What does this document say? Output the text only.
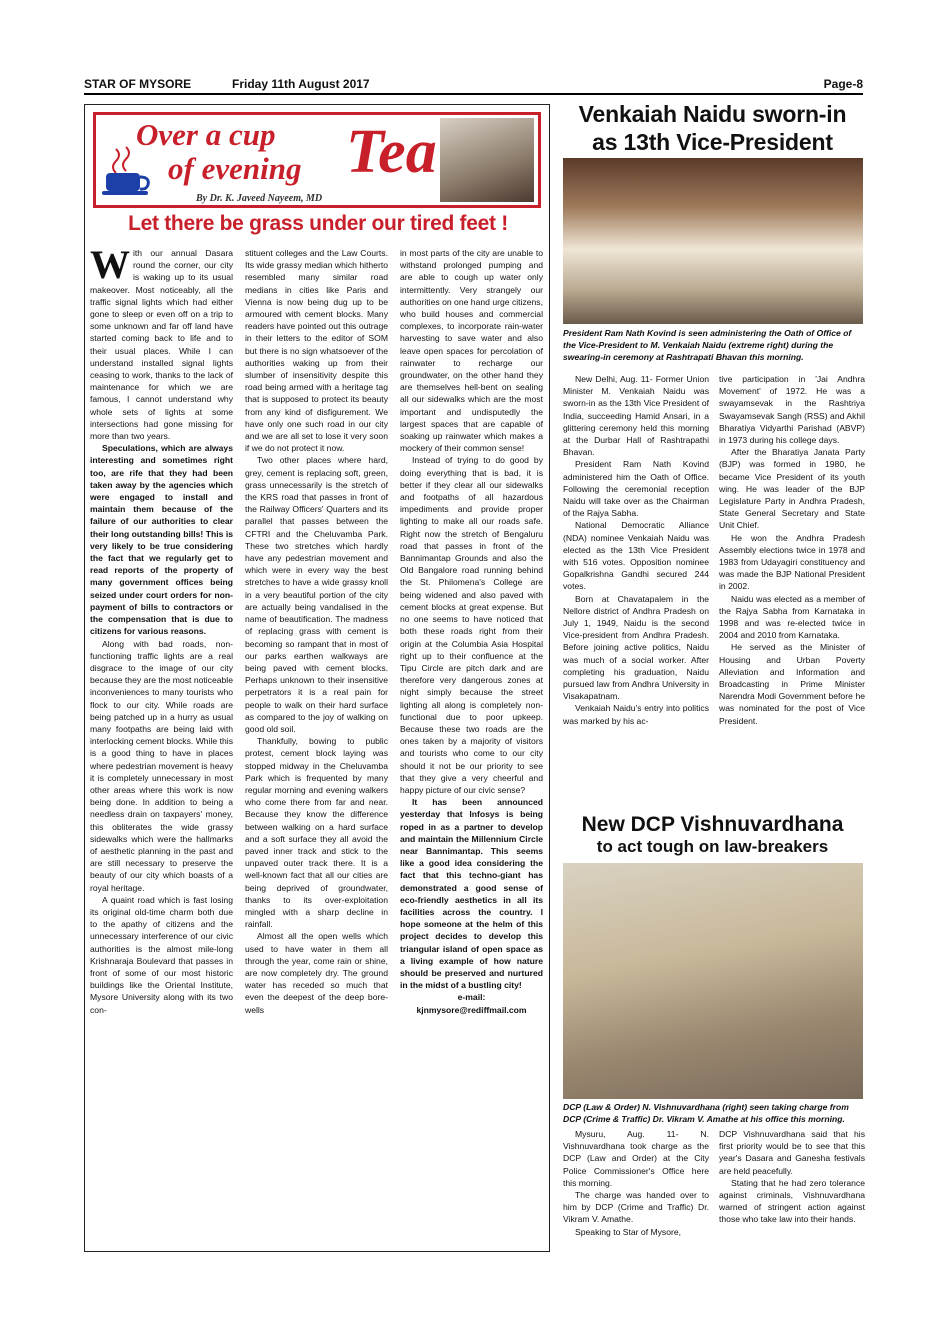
STAR OF MYSORE	Friday 11th August 2017	Page-8
Over a cup
of evening Tea
By Dr. K. Javeed Nayeem, MD
Let there be grass under our tired feet !

With our annual Dasara round the corner, our city is waking up to its usual makeover. Most noticeably, all the traffic signal lights which had either gone to sleep or even off on a trip to some unknown and far off land have started coming back to life and to their usual places. While I can understand installed signal lights ceasing to work, thanks to the lack of maintenance for which we are famous, I cannot understand why whole sets of lights at some intersections had gone missing for more than two years.

Speculations, which are always interesting and sometimes right too, are rife that they had been taken away by the agencies which were engaged to install and maintain them because of the failure of our authorities to clear their long outstanding bills! This is very likely to be true considering the fact that we regularly get to read reports of the property of many government offices being seized under court orders for non-payment of bills to contractors or the compensation that is due to citizens for various reasons.

Along with bad roads, non-functioning traffic lights are a real disgrace to the image of our city because they are the most noticeable inconveniences to many tourists who flock to our city. While roads are being patched up in a hurry as usual many footpaths are being laid with interlocking cement blocks. While this is a good thing to have in places where pedestrian movement is heavy it is completely unnecessary in most other areas where this work is now being done. In addition to being a needless drain on taxpayers' money, this obliterates the wide grassy sidewalks which were the hallmarks of aesthetic planning in the past and are still necessary to preserve the beauty of our city which boasts of a royal heritage.

A quaint road which is fast losing its original old-time charm both due to the apathy of citizens and the unnecessary interference of our civic authorities is the almost mile-long Krishnaraja Boulevard that passes in front of some of our most historic buildings like the Oriental Institute, Mysore University along with its two con-

stituent colleges and the Law Courts. Its wide grassy median which hitherto resembled many similar road medians in cities like Paris and Vienna is now being dug up to be armoured with cement blocks. Many readers have pointed out this outrage in their letters to the editor of SOM but there is no sign whatsoever of the authorities waking up from their slumber of insensitivity despite this road being armed with a heritage tag that is supposed to protect its beauty from any kind of disfigurement. We have only one such road in our city and we are all set to lose it very soon if we do not protect it now.

Two other places where hard, grey, cement is replacing soft, green, grass unnecessarily is the stretch of the KRS road that passes in front of the Railway Officers' Quarters and its parallel that passes between the CFTRI and the Cheluvamba Park. These two stretches which hardly have any pedestrian movement and which were in every way the best stretches to have a wide grassy knoll in a very beautiful portion of the city are actually being vandalised in the name of beautification. The madness of replacing grass with cement is becoming so rampant that in most of our parks earthen walkways are being paved with cement blocks. Perhaps unknown to their insensitive perpetrators it is a real pain for people to walk on their hard surface as compared to the joy of walking on good old soil.

Thankfully, bowing to public protest, cement block laying was stopped midway in the Cheluvamba Park which is frequented by many regular morning and evening walkers who come there from far and near. Because they know the difference between walking on a hard surface and a soft surface they all avoid the paved inner track and stick to the unpaved outer track there. It is a well-known fact that all our cities are being deprived of groundwater, thanks to its over-exploitation mingled with a sharp decline in rainfall.

Almost all the open wells which used to have water in them all through the year, come rain or shine, are now completely dry. The ground water has receded so much that even the deepest of the deep bore-wells

in most parts of the city are unable to withstand prolonged pumping and are able to cough up water only intermittently. Very strangely our authorities on one hand urge citizens, who build houses and commercial complexes, to incorporate rain-water harvesting to save water and also leave open spaces for percolation of rainwater to recharge our groundwater, on the other hand they are themselves hell-bent on sealing all our sidewalks which are the most important and undisputedly the largest spaces that are capable of soaking up rainwater which makes a mockery of their common sense!

Instead of trying to do good by doing everything that is bad, it is better if they clear all our sidewalks and footpaths of all hazardous impediments and provide proper lighting to make all our roads safe. Right now the stretch of Bengaluru road that passes in front of the Bannimantap Grounds and also the Old Bangalore road running behind the St. Philomena's College are being widened and also paved with cement blocks at great expense. But no one seems to have noticed that both these roads right from their origin at the Columbia Asia Hospital right up to their confluence at the Tipu Circle are pitch dark and are therefore very dangerous zones at night simply because the street lighting all along is completely non-functional due to poor upkeep. Because these two roads are the ones taken by a majority of visitors and tourists who come to our city should it not be our priority to see that they give a very cheerful and happy picture of our civic sense?

It has been announced yesterday that Infosys is being roped in as a partner to develop and maintain the Millennium Circle near Bannimantap. This seems like a good idea considering the fact that this techno-giant has demonstrated a good sense of eco-friendly aesthetics in all its facilities across the country. I hope someone at the helm of this project decides to develop this triangular island of open space as a living example of how nature should be preserved and nurtured in the midst of a bustling city!

e-mail:

kjnmysore@rediffmail.com

Venkaiah Naidu sworn-in
as 13th Vice-President
President Ram Nath Kovind is seen administering the Oath of Office of the Vice-President to M. Venkaiah Naidu (extreme right) during the swearing-in ceremony at Rashtrapati Bhavan this morning.

New Delhi, Aug. 11- Former Union Minister M. Venkaiah Naidu was sworn-in as the 13th Vice President of India, succeeding Hamid Ansari, in a glittering ceremony held this morning at the Durbar Hall of Rashtrapathi Bhavan.

President Ram Nath Kovind administered him the Oath of Office. Following the ceremonial reception Naidu will take over as the Chairman of the Rajya Sabha.

National Democratic Alliance (NDA) nominee Venkaiah Naidu was elected as the 13th Vice President with 516 votes. Opposition nominee Gopalkrishna Gandhi secured 244 votes.

Born at Chavatapalem in the Nellore district of Andhra Pradesh on July 1, 1949, Naidu is the second Vice-president from Andhra Pradesh. Before joining active politics, Naidu was much of a social worker. After completing his graduation, Naidu pursued law from Andhra University in Visakapatnam.

Venkaiah Naidu's entry into politics was marked by his ac-

tive participation in 'Jai Andhra Movement' of 1972. He was a swayamsevak in the Rashtriya Swayamsevak Sangh (RSS) and Akhil Bharatiya Vidyarthi Parishad (ABVP) in 1973 during his college days.

After the Bharatiya Janata Party (BJP) was formed in 1980, he became Vice President of its youth wing. He was leader of the BJP Legislature Party in Andhra Pradesh, State General Secretary and State Unit Chief.

He won the Andhra Pradesh Assembly elections twice in 1978 and 1983 from Udayagiri constituency and was made the BJP National President in 2002.

Naidu was elected as a member of the Rajya Sabha from Karnataka in 1998 and was re-elected twice in 2004 and 2010 from Karnataka.

He served as the Minister of Housing and Urban Poverty Alleviation and Information and Broadcasting in Prime Minister Narendra Modi Government before he was nominated for the post of Vice President.

New DCP Vishnuvardhana
to act tough on law-breakers
DCP (Law & Order) N. Vishnuvardhana (right) seen taking charge from DCP (Crime & Traffic) Dr. Vikram V. Amathe at his office this morning.

Mysuru, Aug. 11- N. Vishnuvardhana took charge as the DCP (Law and Order) at the City Police Commissioner's Office here this morning.

The charge was handed over to him by DCP (Crime and Traffic) Dr. Vikram V. Amathe.

Speaking to Star of Mysore,

DCP Vishnuvardhana said that his first priority would be to see that this year's Dasara and Ganesha festivals are held peacefully.

Stating that he had zero tolerance against criminals, Vishnuvardhana warned of stringent action against those who take law into their hands.
